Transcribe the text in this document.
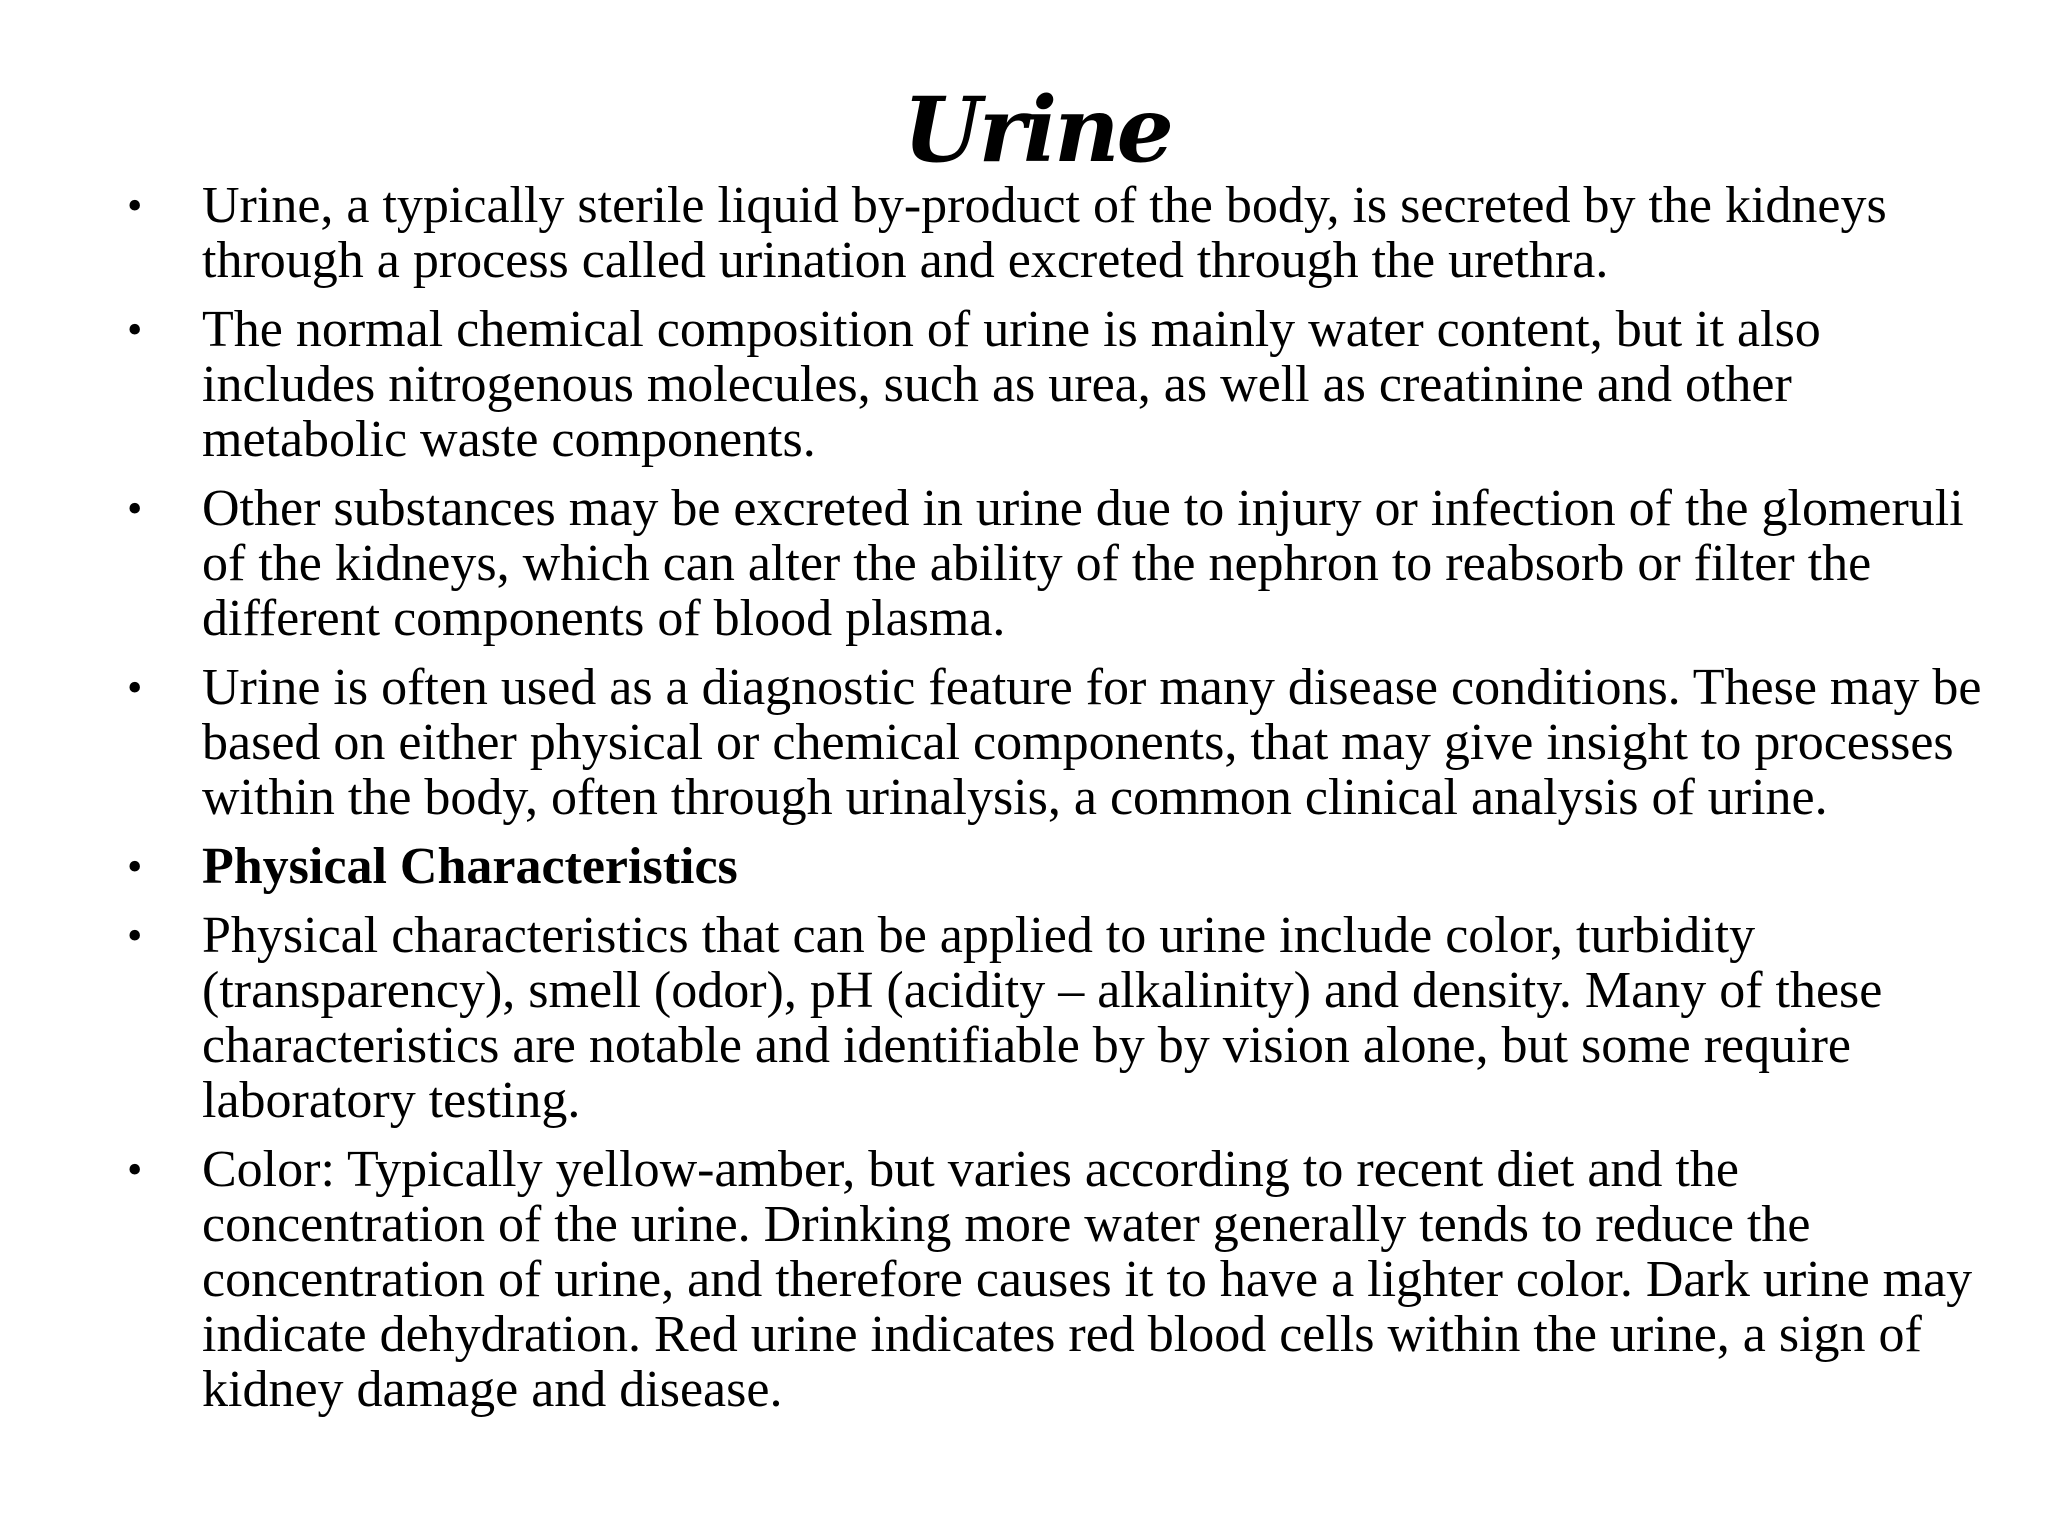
Urine
• Urine, a typically sterile liquid by-product of the body, is secreted by the kidneys through a process called urination and excreted through the urethra.
• The normal chemical composition of urine is mainly water content, but it also includes nitrogenous molecules, such as urea, as well as creatinine and other metabolic waste components.
• Other substances may be excreted in urine due to injury or infection of the glomeruli of the kidneys, which can alter the ability of the nephron to reabsorb or filter the different components of blood plasma.
• Urine is often used as a diagnostic feature for many disease conditions. These may be based on either physical or chemical components, that may give insight to processes within the body, often through urinalysis, a common clinical analysis of urine.
• Physical Characteristics
• Physical characteristics that can be applied to urine include color, turbidity (transparency), smell (odor), pH (acidity – alkalinity) and density. Many of these characteristics are notable and identifiable by by vision alone, but some require laboratory testing.
• Color: Typically yellow-amber, but varies according to recent diet and the concentration of the urine. Drinking more water generally tends to reduce the concentration of urine, and therefore causes it to have a lighter color. Dark urine may indicate dehydration. Red urine indicates red blood cells within the urine, a sign of kidney damage and disease.
